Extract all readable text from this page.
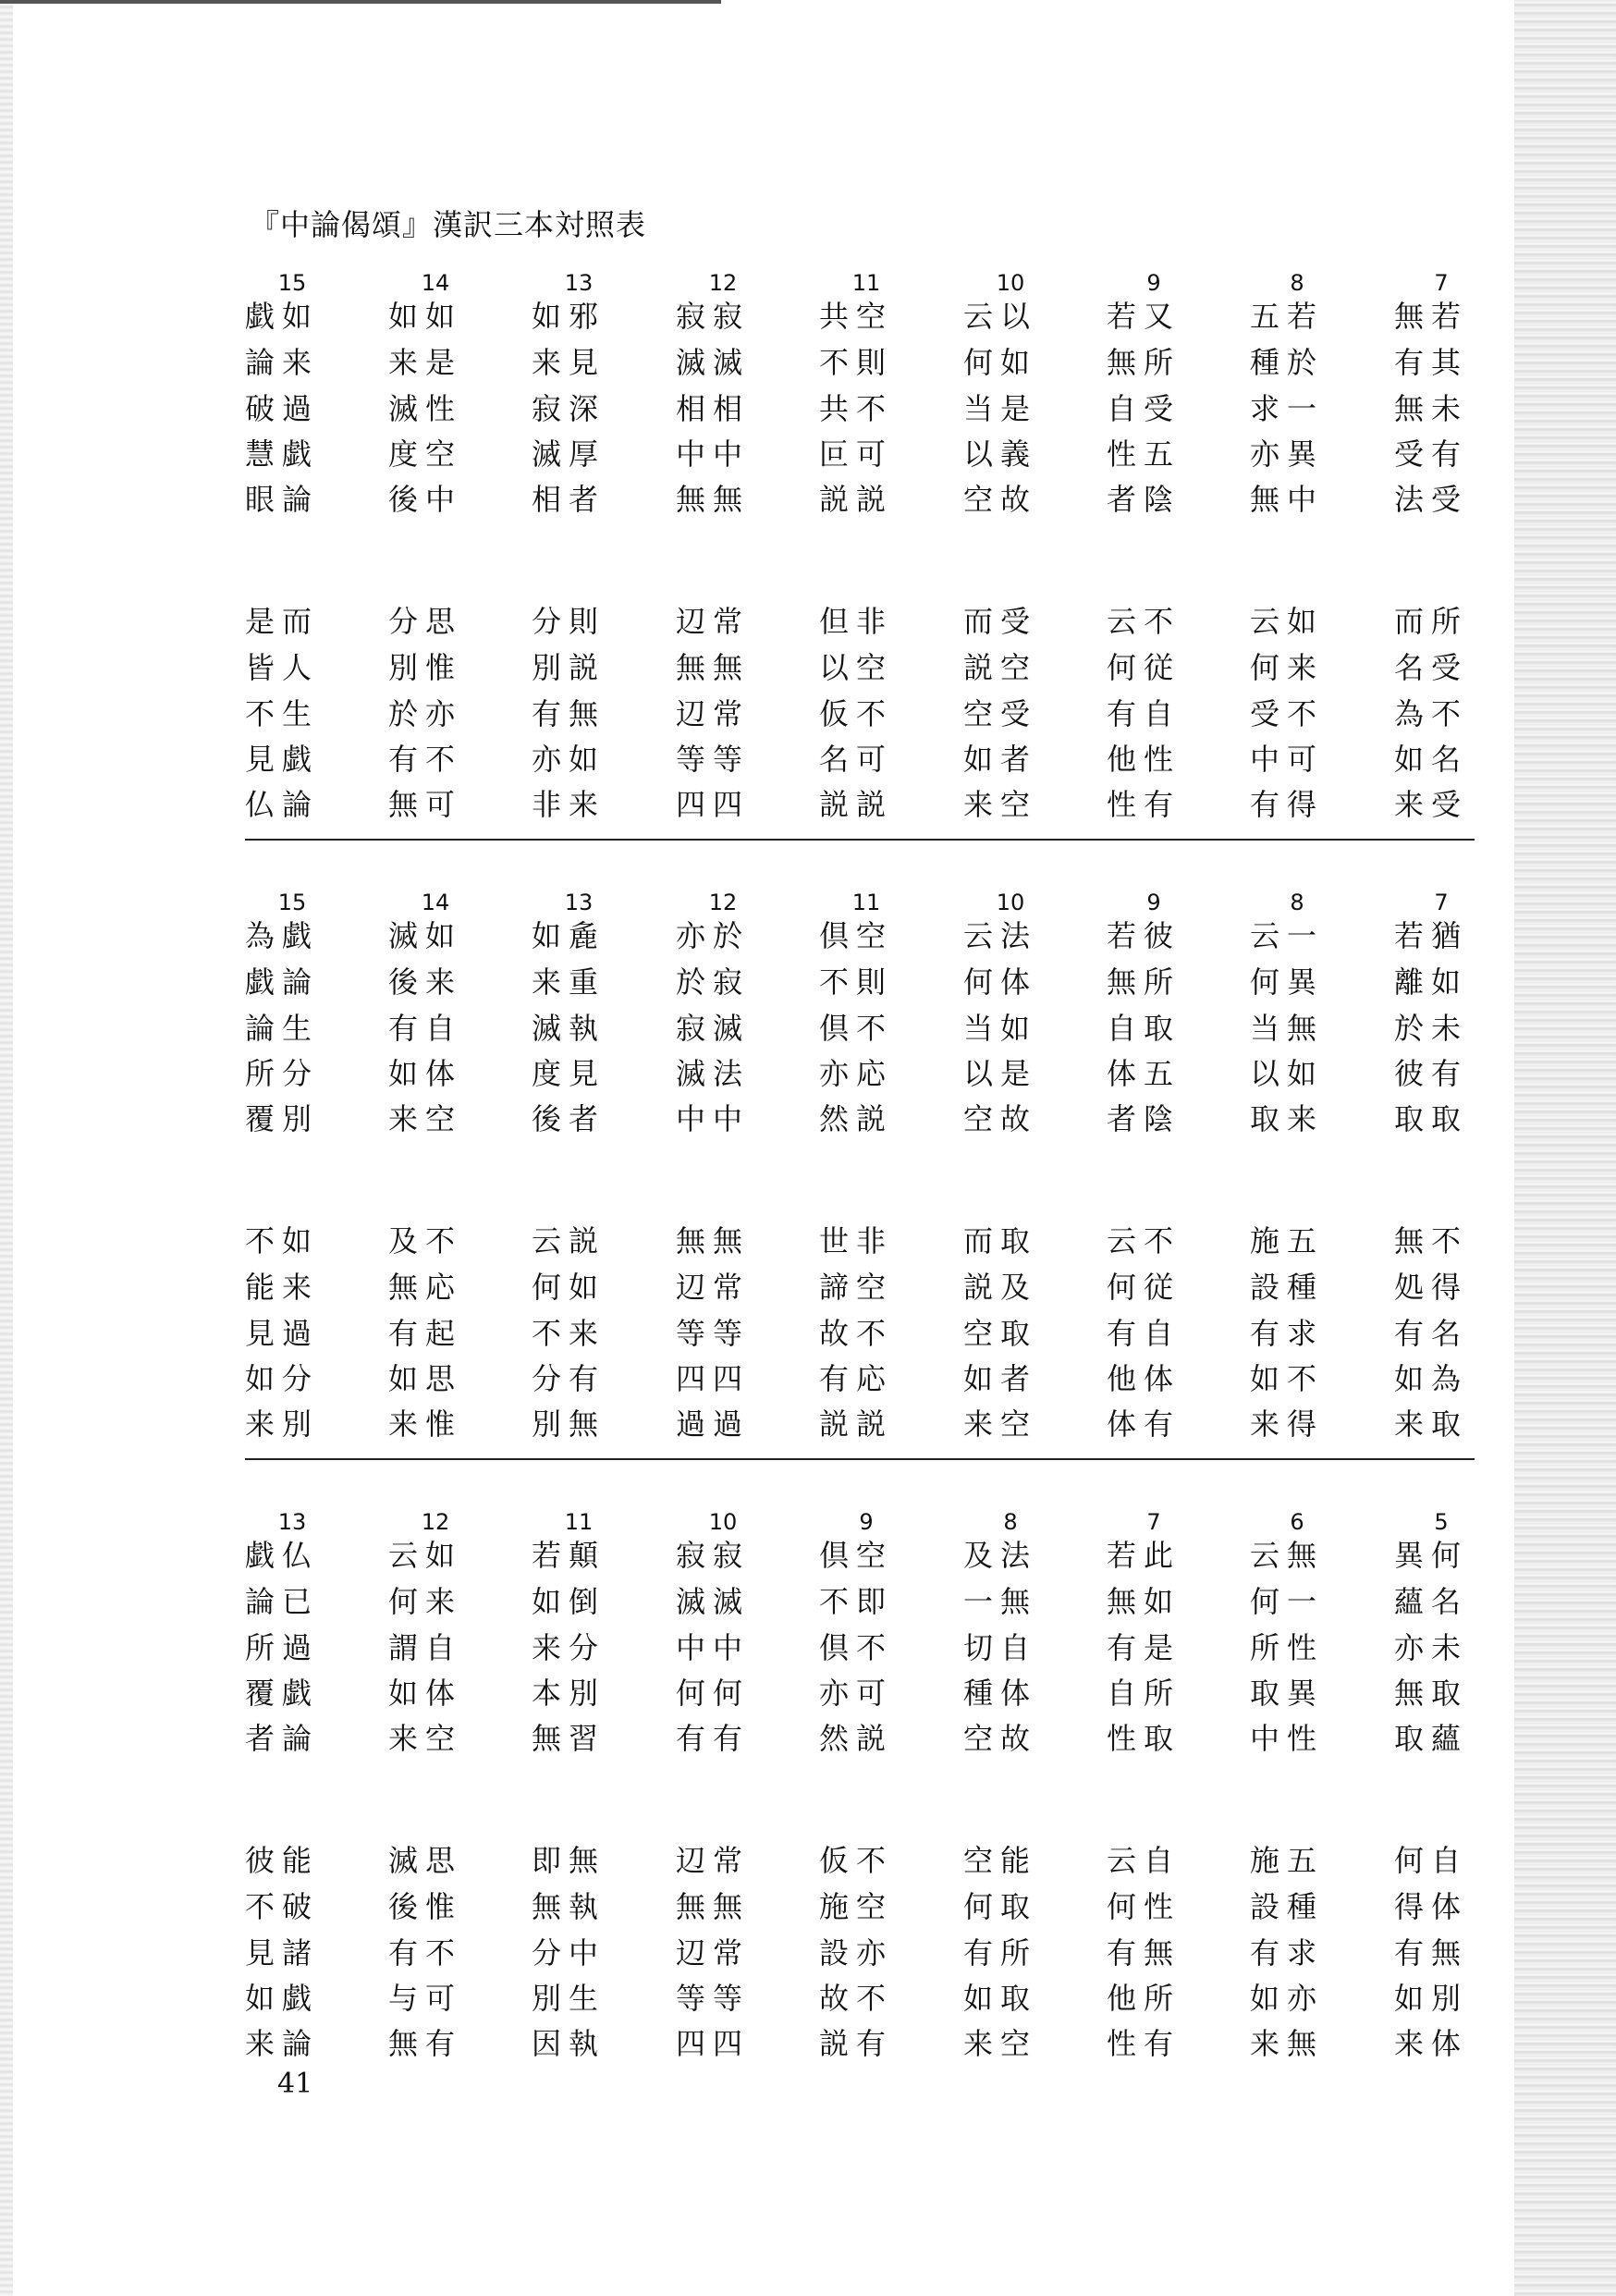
『中論偈頌』漢訳三本対照表
15
戯 如
論 来
破 過
慧 戯
眼 論
是 而
皆 人
不 生
見 戯
仏 論
14
如 如
来 是
滅 性
度 空
後 中
分 思
別 惟
於 亦
有 不
無 可
13
如 邪
来 見
寂 深
滅 厚
相 者
分 則
別 説
有 無
亦 如
非 来
12
寂 寂
滅 滅
相 相
中 中
無 無
辺 常
無 無
辺 常
等 等
四 四
11
共 空
不 則
共 不
叵 可
説 説
但 非
以 空
仮 不
名 可
説 説
10
云 以
何 如
当 是
以 義
空 故
而 受
説 空
空 受
如 者
来 空
9
若 又
無 所
自 受
性 五
者 陰
云 不
何 従
有 自
他 性
性 有
8
五 若
種 於
求 一
亦 異
無 中
云 如
何 来
受 不
中 可
有 得
7
無 若
有 其
無 未
受 有
法 受
而 所
名 受
為 不
如 名
来 受
15
為 戯
戯 論
論 生
所 分
覆 別
不 如
能 来
見 過
如 分
来 別
14
滅 如
後 来
有 自
如 体
来 空
及 不
無 応
有 起
如 思
来 惟
13
如 麁
来 重
滅 執
度 見
後 者
云 説
何 如
不 来
分 有
別 無
12
亦 於
於 寂
寂 滅
滅 法
中 中
無 無
辺 常
等 等
四 四
過 過
11
倶 空
不 則
倶 不
亦 応
然 説
世 非
諦 空
故 不
有 応
説 説
10
云 法
何 体
当 如
以 是
空 故
而 取
説 及
空 取
如 者
来 空
9
若 彼
無 所
自 取
体 五
者 陰
云 不
何 従
有 自
他 体
体 有
8
云 一
何 異
当 無
以 如
取 来
施 五
設 種
有 求
如 不
来 得
7
若 猶
離 如
於 未
彼 有
取 取
無 不
処 得
有 名
如 為
来 取
13
戯 仏
論 已
所 過
覆 戯
者 論
彼 能
不 破
見 諸
如 戯
来 論
12
云 如
何 来
謂 自
如 体
来 空
滅 思
後 惟
有 不
与 可
無 有
11
若 顛
如 倒
来 分
本 別
無 習
即 無
無 執
分 中
別 生
因 執
10
寂 寂
滅 滅
中 中
何 何
有 有
辺 常
無 無
辺 常
等 等
四 四
9
倶 空
不 即
倶 不
亦 可
然 説
仮 不
施 空
設 亦
故 不
説 有
8
及 法
一 無
切 自
種 体
空 故
空 能
何 取
有 所
如 取
来 空
7
若 此
無 如
有 是
自 所
性 取
云 自
何 性
有 無
他 所
性 有
6
云 無
何 一
所 性
取 異
中 性
施 五
設 種
有 求
如 亦
来 無
5
異 何
蘊 名
亦 未
無 取
取 蘊
何 自
得 体
有 無
如 別
来 体
41
